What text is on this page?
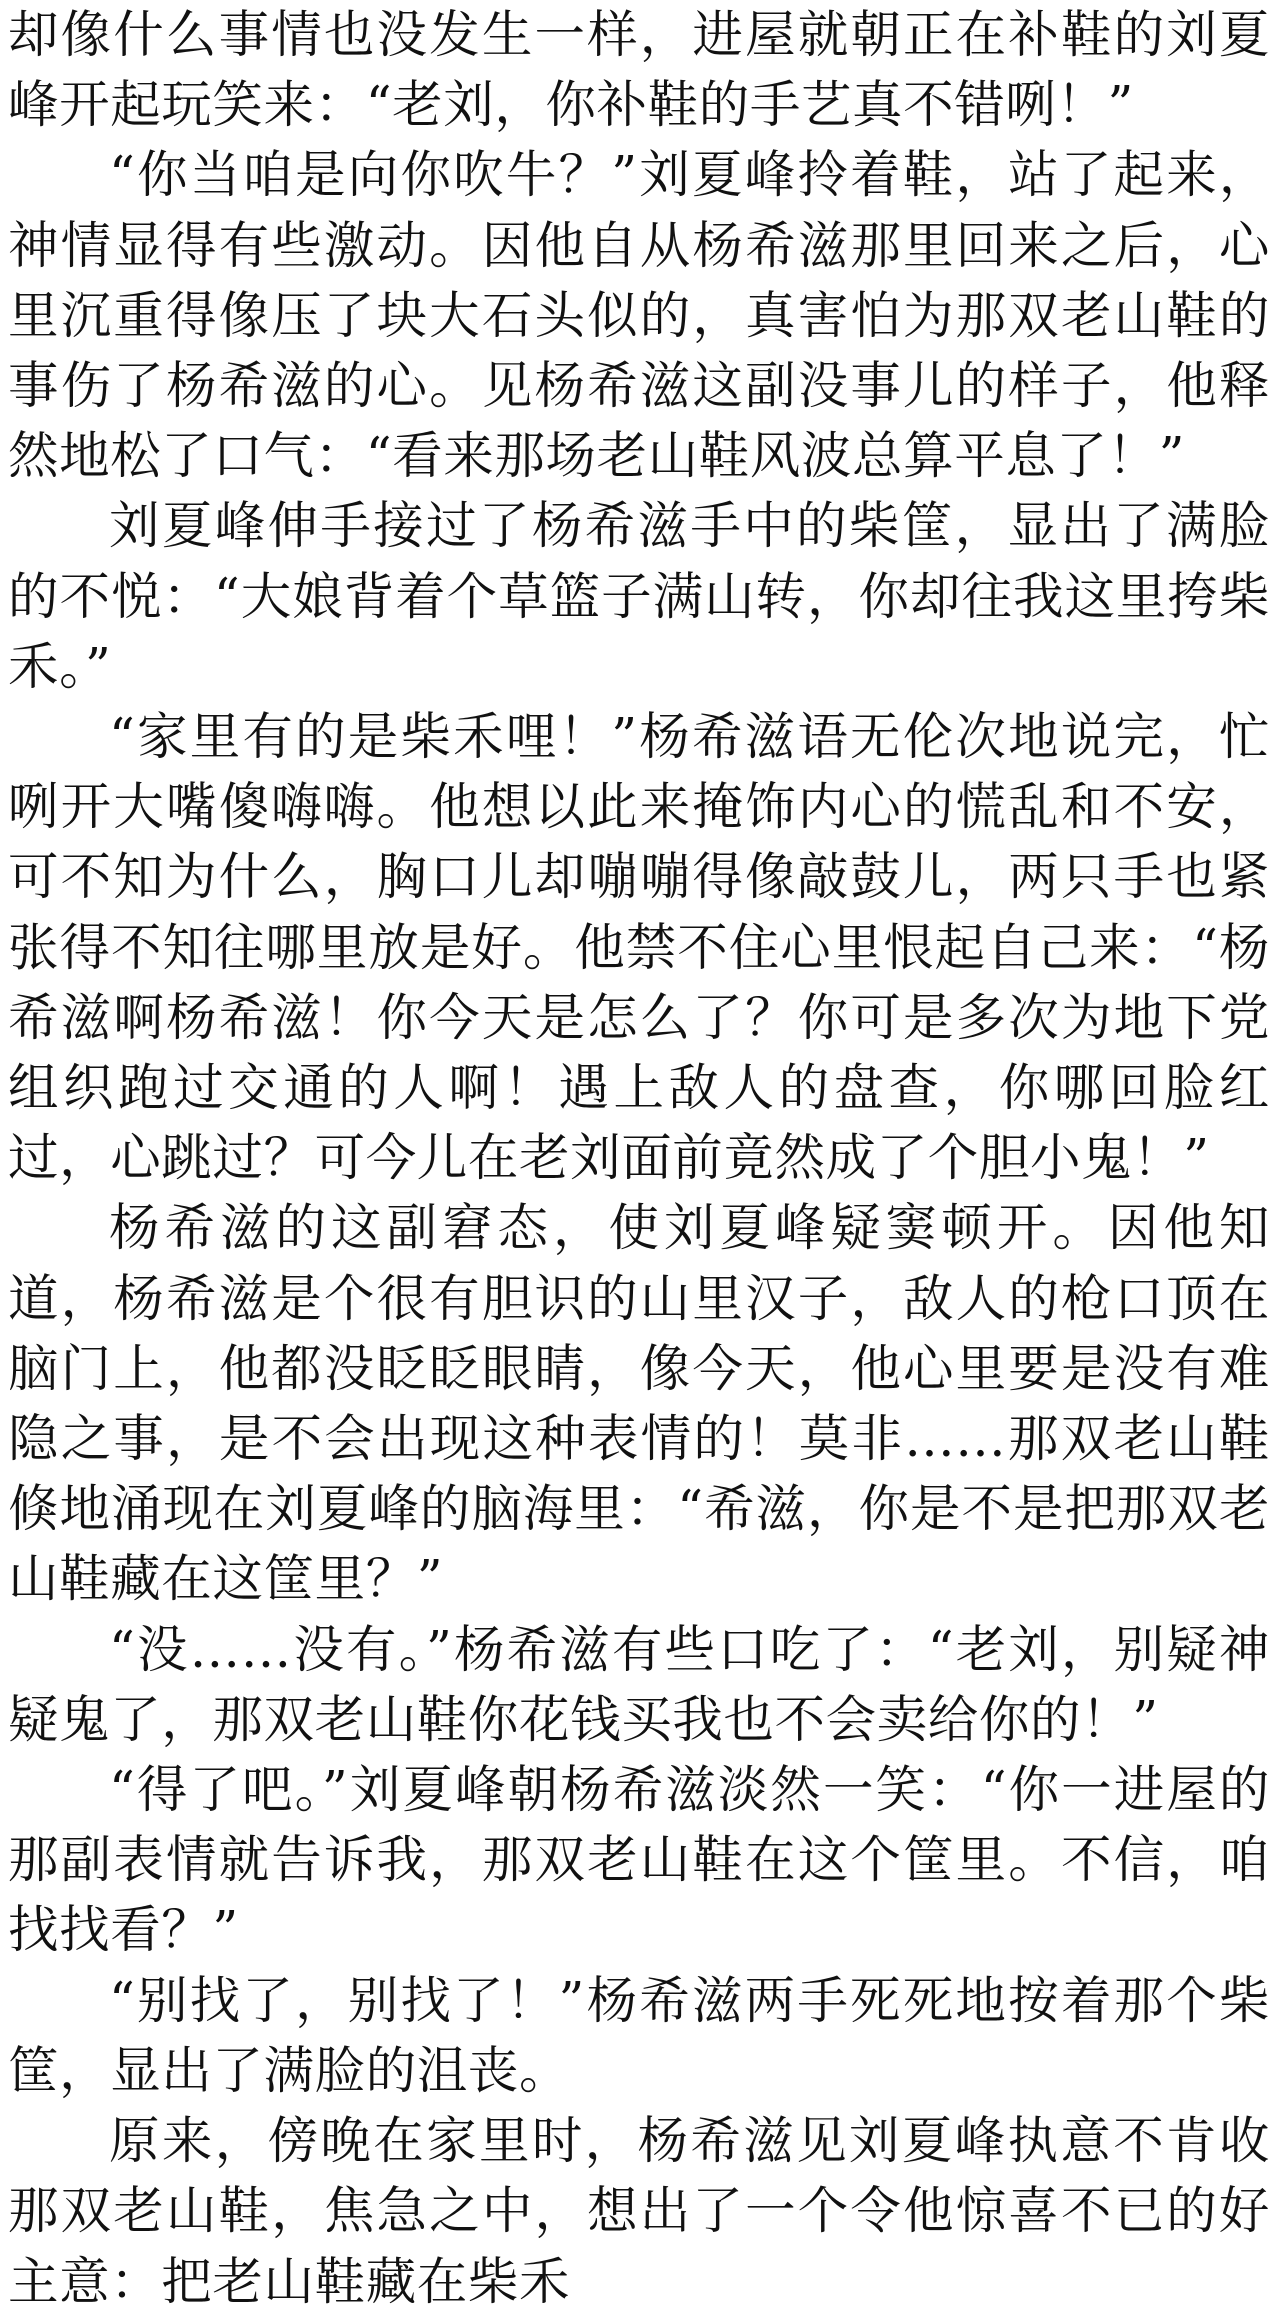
却像什么事情也没发生一样，进屋就朝正在补鞋的刘夏峰开起玩笑来：“老刘，你补鞋的手艺真不错咧！”

“你当咱是向你吹牛？”刘夏峰拎着鞋，站了起来，神情显得有些激动。因他自从杨希滋那里回来之后，心里沉重得像压了块大石头似的，真害怕为那双老山鞋的事伤了杨希滋的心。见杨希滋这副没事儿的样子，他释然地松了口气：“看来那场老山鞋风波总算平息了！”

刘夏峰伸手接过了杨希滋手中的柴筐，显出了满脸的不悦：“大娘背着个草篮子满山转，你却往我这里挎柴禾。”

“家里有的是柴禾哩！”杨希滋语无伦次地说完，忙咧开大嘴傻嗨嗨。他想以此来掩饰内心的慌乱和不安，可不知为什么，胸口儿却嘣嘣得像敲鼓儿，两只手也紧张得不知往哪里放是好。他禁不住心里恨起自己来：“杨希滋啊杨希滋！你今天是怎么了？你可是多次为地下党组织跑过交通的人啊！遇上敌人的盘查，你哪回脸红过，心跳过？可今儿在老刘面前竟然成了个胆小鬼！”

杨希滋的这副窘态，使刘夏峰疑窦顿开。因他知道，杨希滋是个很有胆识的山里汉子，敌人的枪口顶在脑门上，他都没眨眨眼睛，像今天，他心里要是没有难隐之事，是不会出现这种表情的！莫非……那双老山鞋倏地涌现在刘夏峰的脑海里：“希滋，你是不是把那双老山鞋藏在这筐里？”

“没……没有。”杨希滋有些口吃了：“老刘，别疑神疑鬼了，那双老山鞋你花钱买我也不会卖给你的！”

“得了吧。”刘夏峰朝杨希滋淡然一笑：“你一进屋的那副表情就告诉我，那双老山鞋在这个筐里。不信，咱找找看？”

“别找了，别找了！”杨希滋两手死死地按着那个柴筐，显出了满脸的沮丧。

原来，傍晚在家里时，杨希滋见刘夏峰执意不肯收那双老山鞋，焦急之中，想出了一个令他惊喜不已的好主意：把老山鞋藏在柴禾
